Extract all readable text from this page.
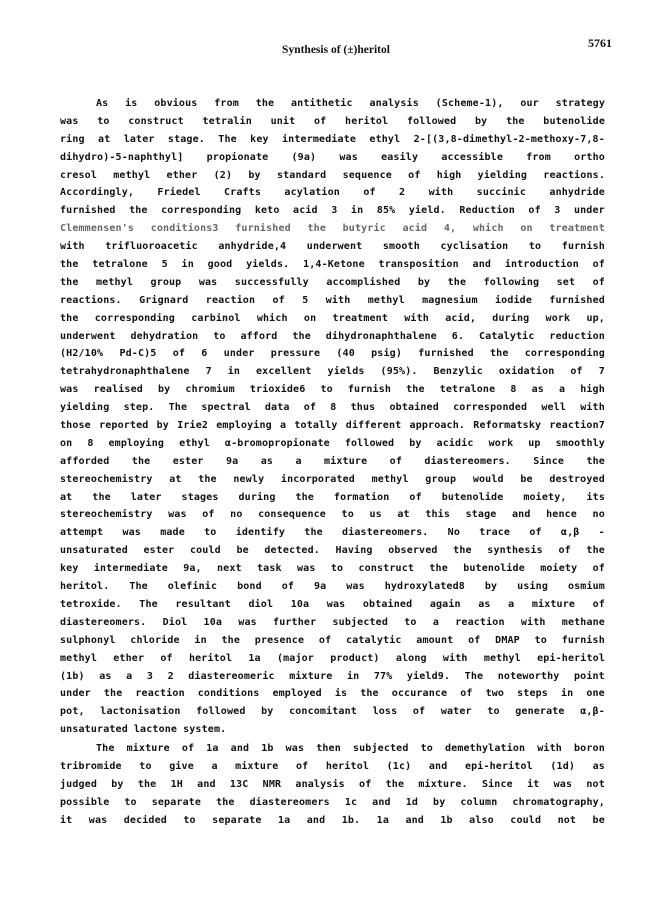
Synthesis of (±)heritol	5761
As is obvious from the antithetic analysis (Scheme-1), our strategy
was to construct tetralin unit of heritol followed by the butenolide
ring at later stage. The key intermediate ethyl 2-[(3,8-dimethyl-2-methoxy-7,8-
dihydro)-5-naphthyl] propionate (9a) was easily accessible from ortho
cresol methyl ether (2) by standard sequence of high yielding reactions.
Accordingly, Friedel Crafts acylation of 2 with succinic anhydride
furnished the corresponding keto acid 3 in 85% yield. Reduction of 3 under
Clemmensen's conditions3 furnished the butyric acid 4, which on treatment
with trifluoroacetic anhydride,4 underwent smooth cyclisation to furnish
the tetralone 5 in good yields. 1,4-Ketone transposition and introduction of
the methyl group was successfully accomplished by the following set of
reactions. Grignard reaction of 5 with methyl magnesium iodide furnished
the corresponding carbinol which on treatment with acid, during work up,
underwent dehydration to afford the dihydronaphthalene 6. Catalytic reduction
(H2/10% Pd-C)5 of 6 under pressure (40 psig) furnished the corresponding
tetrahydronaphthalene 7 in excellent yields (95%). Benzylic oxidation of 7
was realised by chromium trioxide6 to furnish the tetralone 8 as a high
yielding step. The spectral data of 8 thus obtained corresponded well with
those reported by Irie2 employing a totally different approach. Reformatsky reaction7
on 8 employing ethyl α-bromopropionate followed by acidic work up smoothly
afforded the ester 9a as a mixture of diastereomers. Since the
stereochemistry at the newly incorporated methyl group would be destroyed
at the later stages during the formation of butenolide moiety, its
stereochemistry was of no consequence to us at this stage and hence no
attempt was made to identify the diastereomers. No trace of α,β -
unsaturated ester could be detected. Having observed the synthesis of the
key intermediate 9a, next task was to construct the butenolide moiety of
heritol. The olefinic bond of 9a was hydroxylated8 by using osmium
tetroxide. The resultant diol 10a was obtained again as a mixture of
diastereomers. Diol 10a was further subjected to a reaction with methane
sulphonyl chloride in the presence of catalytic amount of DMAP to furnish
methyl ether of heritol 1a (major product) along with methyl epi-heritol
(1b) as a 3 2 diastereomeric mixture in 77% yield9. The noteworthy point
under the reaction conditions employed is the occurance of two steps in one
pot, lactonisation followed by concomitant loss of water to generate α,β-
unsaturated lactone system.
The mixture of 1a and 1b was then subjected to demethylation with boron
tribromide to give a mixture of heritol (1c) and epi-heritol (1d) as
judged by the 1H and 13C NMR analysis of the mixture. Since it was not
possible to separate the diastereomers 1c and 1d by column chromatography,
it was decided to separate 1a and 1b. 1a and 1b also could not be
